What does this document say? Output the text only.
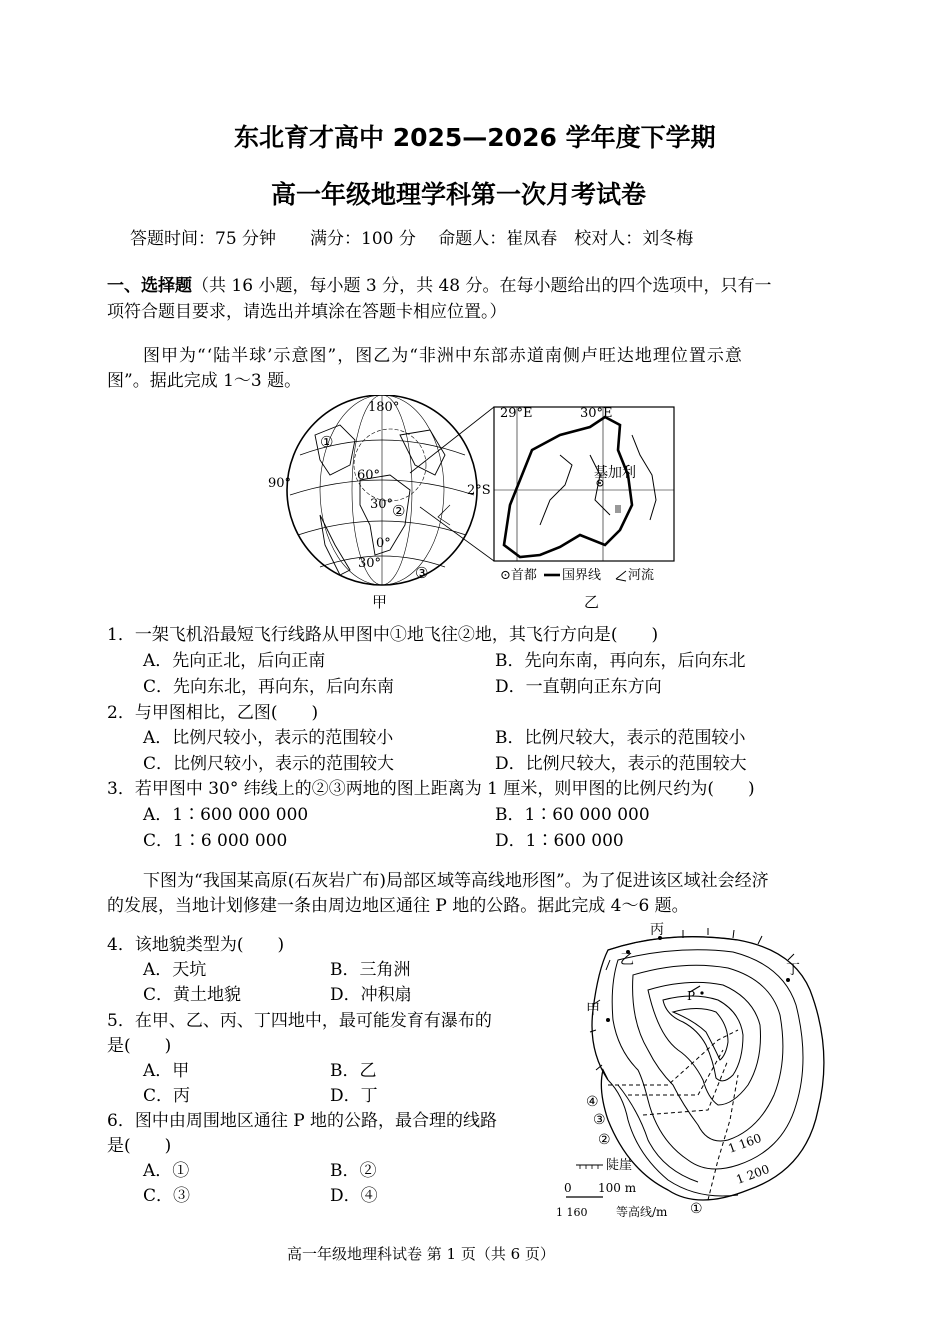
东北育才高中 2025—2026 学年度下学期
高一年级地理学科第一次月考试卷
答题时间：75 分钟　　满分：100 分　 命题人：崔凤春　校对人：刘冬梅
一、选择题（共 16 小题，每小题 3 分，共 48 分。在每小题给出的四个选项中，只有一
项符合题目要求，请选出并填涂在答题卡相应位置。）
图甲为“‘陆半球’示意图”，图乙为“非洲中东部赤道南侧卢旺达地理位置示意
图”。据此完成 1～3 题。
180°
90°
60°
30°
0°
30°
①
②
③
甲
29°E	30°E
2°S
基加利
⊙首都 国界线 河流
乙
1．一架飞机沿最短飞行线路从甲图中①地飞往②地，其飞行方向是(　　)
A．先向正北，后向正南	B．先向东南，再向东，后向东北
C．先向东北，再向东，后向东南	D．一直朝向正东方向
2．与甲图相比，乙图(　　)
A．比例尺较小，表示的范围较小	B．比例尺较大，表示的范围较小
C．比例尺较小，表示的范围较大	D．比例尺较大，表示的范围较大
3．若甲图中 30° 纬线上的②③两地的图上距离为 1 厘米，则甲图的比例尺约为(　　)
A．1∶600 000 000	B．1∶60 000 000
C．1∶6 000 000	D．1∶600 000
下图为“我国某高原(石灰岩广布)局部区域等高线地形图”。为了促进该区域社会经济
的发展，当地计划修建一条由周边地区通往 P 地的公路。据此完成 4～6 题。
4．该地貌类型为(　　)
A．天坑	B．三角洲
C．黄土地貌	D．冲积扇
5．在甲、乙、丙、丁四地中，最可能发育有瀑布的
是(　　)
A．甲	B．乙
C．丙	D．丁
6．图中由周围地区通往 P 地的公路，最合理的线路
是(　　)
A．①	B．②
C．③	D．④
丙
乙
甲
丁
P
④
③
②
①
1 160
1 200
陡崖
0 100 m
1 160 等高线/m
高一年级地理科试卷 第 1 页（共 6 页）
